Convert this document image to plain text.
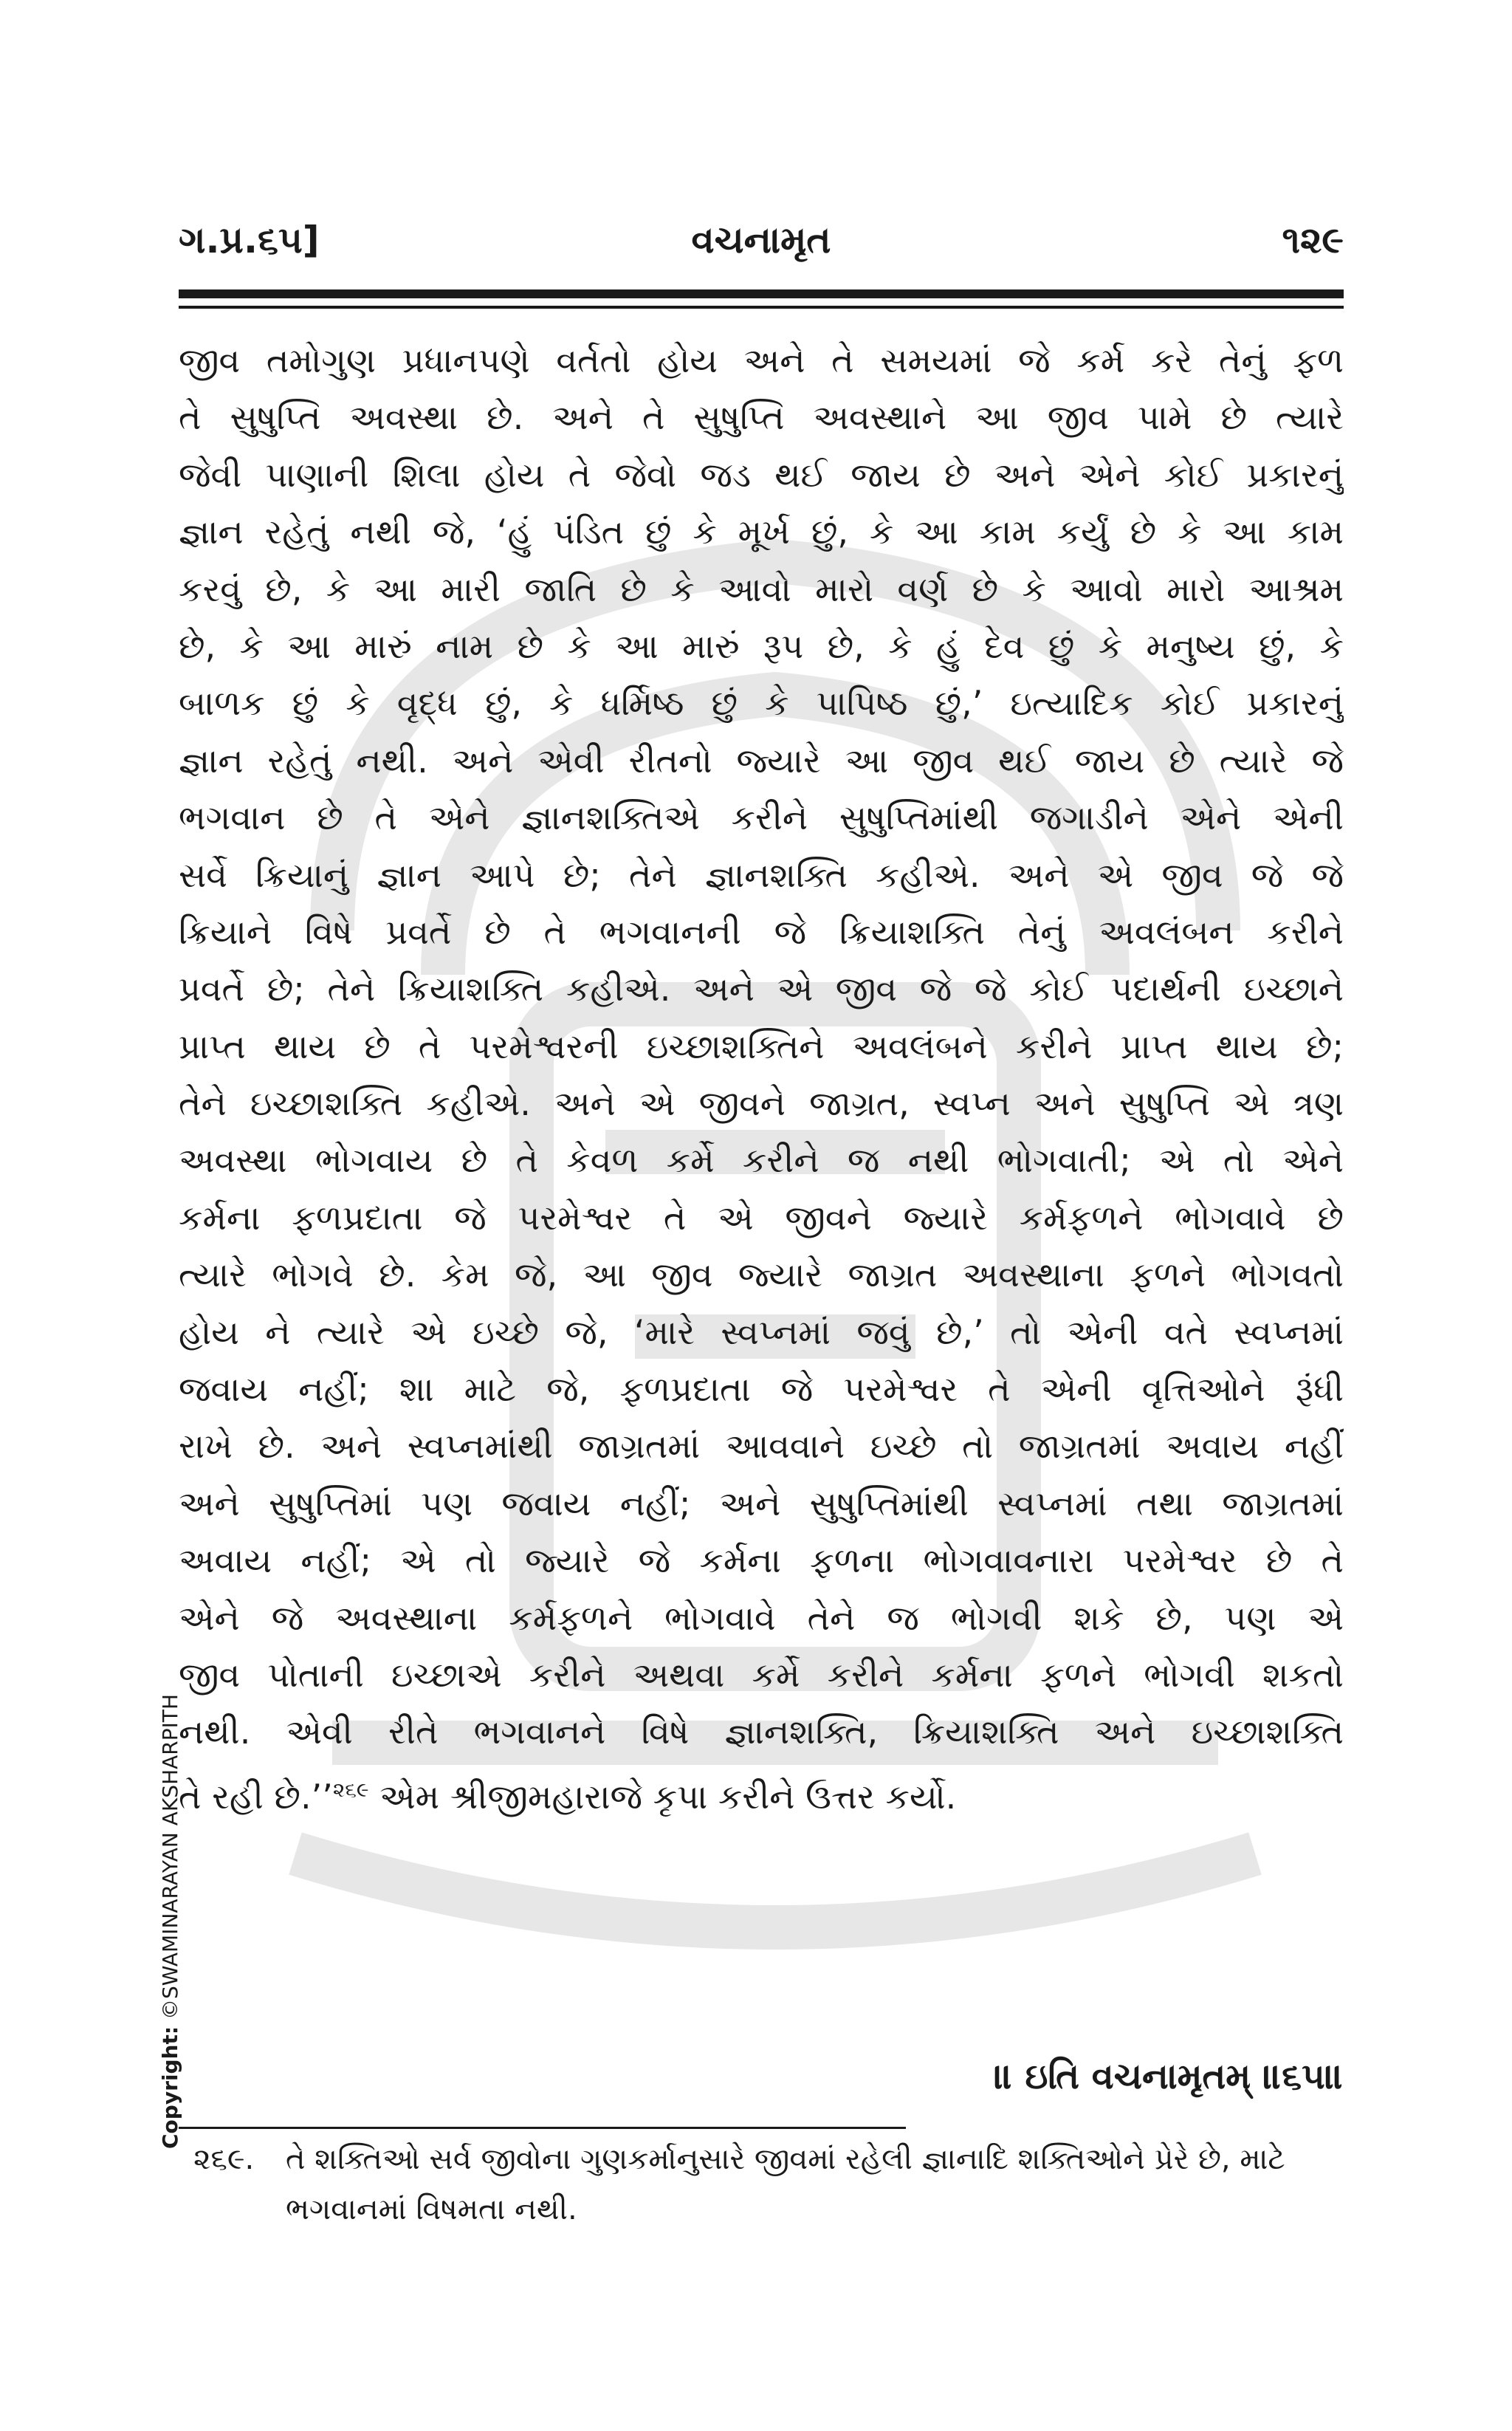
ગ.પ્ર.૬૫]	વચનામૃત	૧૨૯
જીવ તમોગુણ પ્રધાનપણે વર્તતો હોય અને તે સમયમાં જે કર્મ કરે તેનું ફળ
તે સુષુપ્તિ અવસ્થા છે. અને તે સુષુપ્તિ અવસ્થાને આ જીવ પામે છે ત્યારે
જેવી પાણાની શિલા હોય તે જેવો જડ થઈ જાય છે અને એને કોઈ પ્રકારનું
જ્ઞાન રહેતું નથી જે, ‘હું પંડિત છું કે મૂર્ખ છું, કે આ કામ કર્યું છે કે આ કામ
કરવું છે, કે આ મારી જાતિ છે કે આવો મારો વર્ણ છે કે આવો મારો આશ્રમ
છે, કે આ મારું નામ છે કે આ મારું રૂપ છે, કે હું દેવ છું કે મનુષ્ય છું, કે
બાળક છું કે વૃદ્ધ છું, કે ધર્મિષ્ઠ છું કે પાપિષ્ઠ છું,’ ઇત્યાદિક કોઈ પ્રકારનું
જ્ઞાન રહેતું નથી. અને એવી રીતનો જ્યારે આ જીવ થઈ જાય છે ત્યારે જે
ભગવાન છે તે એને જ્ઞાનશક્તિએ કરીને સુષુપ્તિમાંથી જગાડીને એને એની
સર્વે ક્રિયાનું જ્ઞાન આપે છે; તેને જ્ઞાનશક્તિ કહીએ. અને એ જીવ જે જે
ક્રિયાને વિષે પ્રવર્તે છે તે ભગવાનની જે ક્રિયાશક્તિ તેનું અવલંબન કરીને
પ્રવર્તે છે; તેને ક્રિયાશક્તિ કહીએ. અને એ જીવ જે જે કોઈ પદાર્થની ઇચ્છાને
પ્રાપ્ત થાય છે તે પરમેશ્વરની ઇચ્છાશક્તિને અવલંબને કરીને પ્રાપ્ત થાય છે;
તેને ઇચ્છાશક્તિ કહીએ. અને એ જીવને જાગ્રત, સ્વપ્ન અને સુષુપ્તિ એ ત્રણ
અવસ્થા ભોગવાય છે તે કેવળ કર્મે કરીને જ નથી ભોગવાતી; એ તો એને
કર્મના ફળપ્રદાતા જે પરમેશ્વર તે એ જીવને જ્યારે કર્મફળને ભોગવાવે છે
ત્યારે ભોગવે છે. કેમ જે, આ જીવ જ્યારે જાગ્રત અવસ્થાના ફળને ભોગવતો
હોય ને ત્યારે એ ઇચ્છે જે, ‘મારે સ્વપ્નમાં જવું છે,’ તો એની વતે સ્વપ્નમાં
જવાય નહીં; શા માટે જે, ફળપ્રદાતા જે પરમેશ્વર તે એની વૃત્તિઓને રૂંધી
રાખે છે. અને સ્વપ્નમાંથી જાગ્રતમાં આવવાને ઇચ્છે તો જાગ્રતમાં અવાય નહીં
અને સુષુપ્તિમાં પણ જવાય નહીં; અને સુષુપ્તિમાંથી સ્વપ્નમાં તથા જાગ્રતમાં
અવાય નહીં; એ તો જ્યારે જે કર્મના ફળના ભોગવાવનારા પરમેશ્વર છે તે
એને જે અવસ્થાના કર્મફળને ભોગવાવે તેને જ ભોગવી શકે છે, પણ એ
જીવ પોતાની ઇચ્છાએ કરીને અથવા કર્મે કરીને કર્મના ફળને ભોગવી શકતો
નથી. એવી રીતે ભગવાનને વિષે જ્ઞાનશક્તિ, ક્રિયાશક્તિ અને ઇચ્છાશક્તિ
તે રહી છે.’’$^{૨૬૯}$ એમ શ્રીજીમહારાજે કૃપા કરીને ઉત્તર કર્યો.
॥ ઇતિ વચનામૃતમ્ ॥૬૫॥
૨૬૯. તે શક્તિઓ સર્વ જીવોના ગુણકર્માનુસારે જીવમાં રહેલી જ્ઞાનાદિ શક્તિઓને પ્રેરે છે, માટે ભગવાનમાં વિષમતા નથી.
Copyright: ©SWAMINARAYAN AKSHARPITH
